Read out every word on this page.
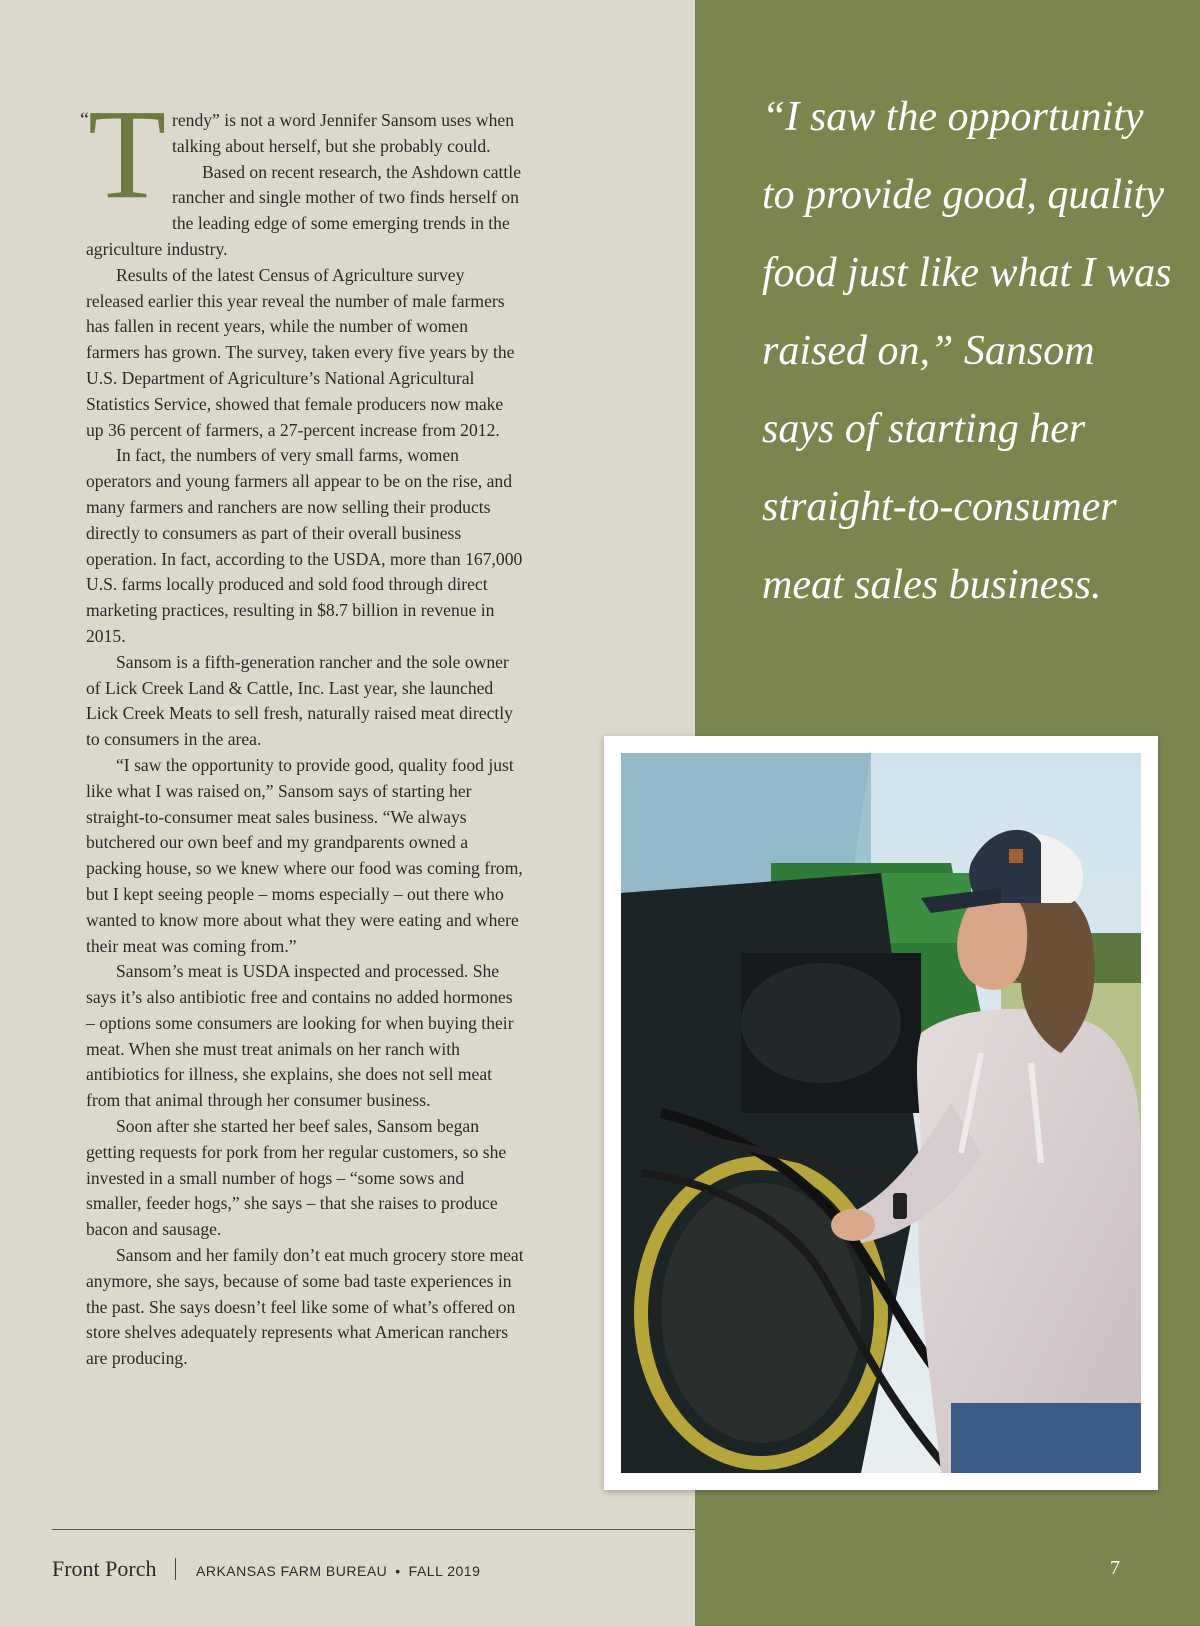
“ T rendy” is not a word Jennifer Sansom uses when talking about herself, but she probably could.

Based on recent research, the Ashdown cattle rancher and single mother of two finds herself on the leading edge of some emerging trends in the agriculture industry.

Results of the latest Census of Agriculture survey released earlier this year reveal the number of male farmers has fallen in recent years, while the number of women farmers has grown. The survey, taken every five years by the U.S. Department of Agriculture’s National Agricultural Statistics Service, showed that female producers now make up 36 percent of farmers, a 27-percent increase from 2012.

In fact, the numbers of very small farms, women operators and young farmers all appear to be on the rise, and many farmers and ranchers are now selling their products directly to consumers as part of their overall business operation. In fact, according to the USDA, more than 167,000 U.S. farms locally produced and sold food through direct marketing practices, resulting in $8.7 billion in revenue in 2015.

Sansom is a fifth-generation rancher and the sole owner of Lick Creek Land & Cattle, Inc. Last year, she launched Lick Creek Meats to sell fresh, naturally raised meat directly to consumers in the area.

“I saw the opportunity to provide good, quality food just like what I was raised on,” Sansom says of starting her straight-to-consumer meat sales business. “We always butchered our own beef and my grandparents owned a packing house, so we knew where our food was coming from, but I kept seeing people – moms especially – out there who wanted to know more about what they were eating and where their meat was coming from.”

Sansom’s meat is USDA inspected and processed. She says it’s also antibiotic free and contains no added hormones – options some consumers are looking for when buying their meat. When she must treat animals on her ranch with antibiotics for illness, she explains, she does not sell meat from that animal through her consumer business.

Soon after she started her beef sales, Sansom began getting requests for pork from her regular customers, so she invested in a small number of hogs – “some sows and smaller, feeder hogs,” she says – that she raises to produce bacon and sausage.

Sansom and her family don’t eat much grocery store meat anymore, she says, because of some bad taste experiences in the past. She says doesn’t feel like some of what’s offered on store shelves adequately represents what American ranchers are producing.

“I saw the opportunity to provide good, quality food just like what I was raised on,” Sansom says of starting her straight-to-consumer meat sales business.
Front Porch	ARKANSAS FARM BUREAU • FALL 2019	7
